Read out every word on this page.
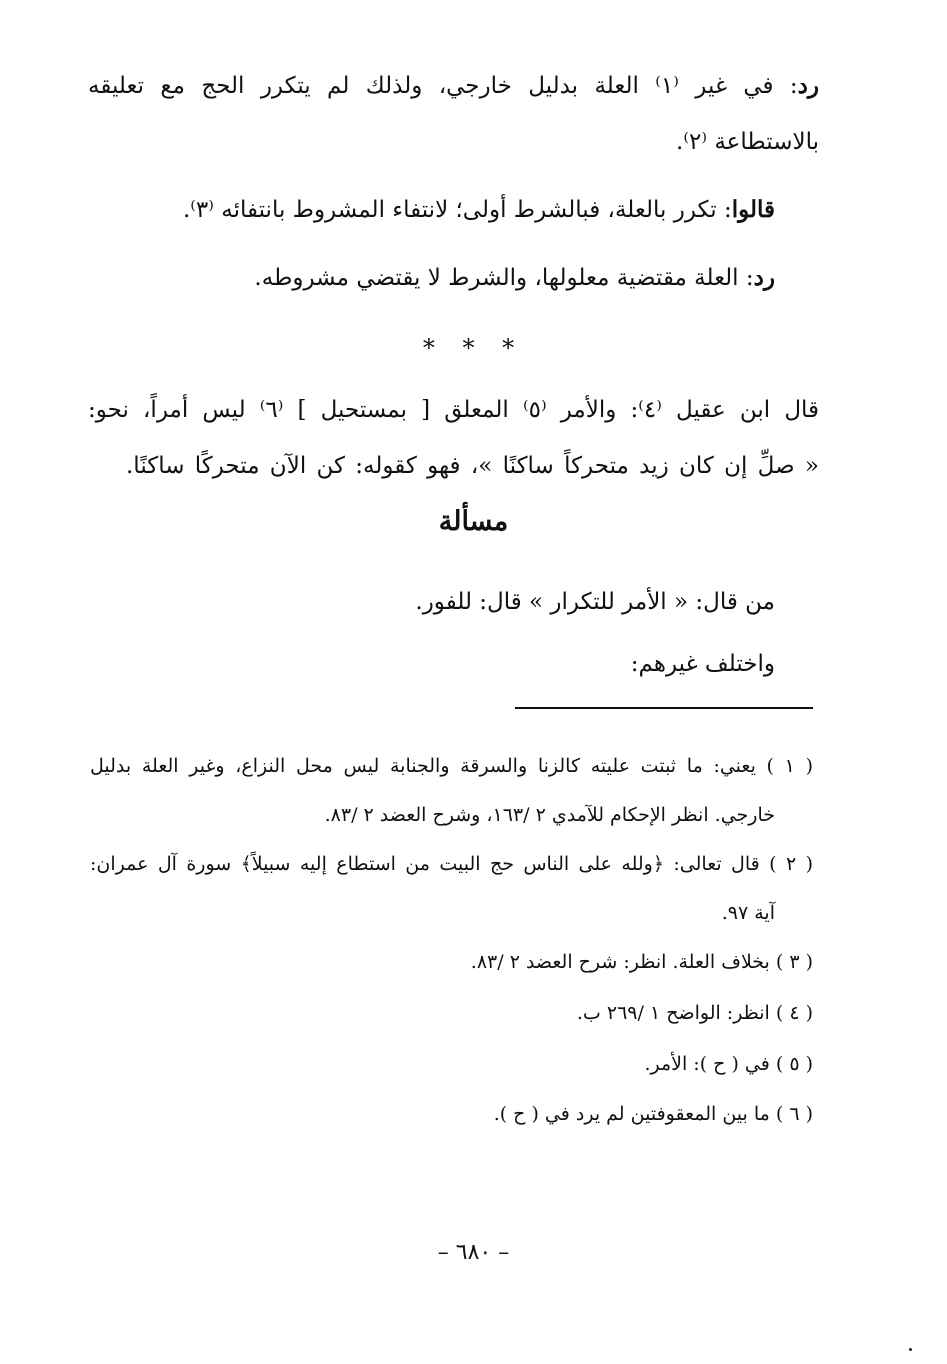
رد: في غير ⁽١⁾ العلة بدليل خارجي، ولذلك لم يتكرر الحج مع تعليقه
بالاستطاعة ⁽٢⁾.
قالوا: تكرر بالعلة، فبالشرط أولى؛ لانتفاء المشروط بانتفائه ⁽٣⁾.
رد: العلة مقتضية معلولها، والشرط لا يقتضي مشروطه.
* * *
قال ابن عقيل ⁽٤⁾: والأمر ⁽٥⁾ المعلق [ بمستحيل ] ⁽٦⁾ ليس أمراً، نحو:
« صلِّ إن كان زيد متحركاً ساكنًا »، فهو كقوله: كن الآن متحركًا ساكنًا.
مسألة
من قال: « الأمر للتكرار » قال: للفور.
واختلف غيرهم:
( ١ ) يعني: ما ثبتت عليته كالزنا والسرقة والجنابة ليس محل النزاع، وغير العلة بدليل
خارجي. انظر الإحكام للآمدي ٢ /١٦٣، وشرح العضد ٢ /٨٣.
( ٢ ) قال تعالى: ﴿ولله على الناس حج البيت من استطاع إليه سبيلاً﴾ سورة آل عمران:
آية ٩٧.
( ٣ ) بخلاف العلة. انظر: شرح العضد ٢ /٨٣.
( ٤ ) انظر: الواضح ١ /٢٦٩ ب.
( ٥ ) في ( ح ): الأمر.
( ٦ ) ما بين المعقوفتين لم يرد في ( ح ).
– ٦٨٠ –
